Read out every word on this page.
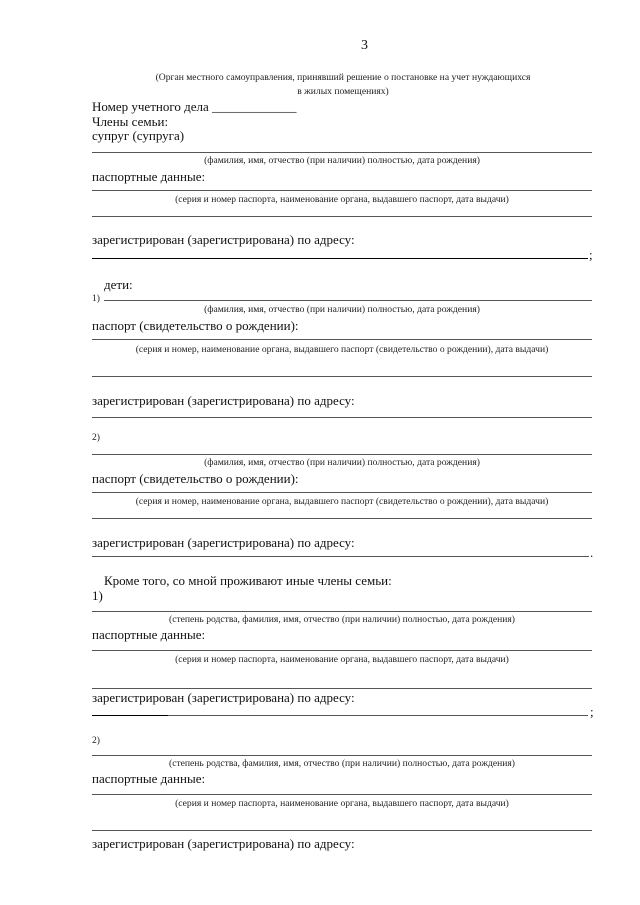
3
(Орган местного самоуправления, принявший решение о постановке на учет нуждающихся
в жилых помещениях)
Номер учетного дела _____________
Члены семьи:
супруг (супруга)
(фамилия, имя, отчество (при наличии) полностью, дата рождения)
паспортные данные:
(серия и номер паспорта, наименование органа, выдавшего паспорт, дата выдачи)
зарегистрирован (зарегистрирована) по адресу:
;
дети:
1)
(фамилия, имя, отчество (при наличии) полностью, дата рождения)
паспорт (свидетельство о рождении):
(серия и номер, наименование органа, выдавшего паспорт (свидетельство о рождении), дата выдачи)
зарегистрирован (зарегистрирована) по адресу:
2)
(фамилия, имя, отчество (при наличии) полностью, дата рождения)
паспорт (свидетельство о рождении):
(серия и номер, наименование органа, выдавшего паспорт (свидетельство о рождении), дата выдачи)
зарегистрирован (зарегистрирована) по адресу:
.
Кроме того, со мной проживают иные члены семьи:
1)
(степень родства, фамилия, имя, отчество (при наличии) полностью, дата рождения)
паспортные данные:
(серия и номер паспорта, наименование органа, выдавшего паспорт, дата выдачи)
зарегистрирован (зарегистрирована) по адресу:
;
2)
(степень родства, фамилия, имя, отчество (при наличии) полностью, дата рождения)
паспортные данные:
(серия и номер паспорта, наименование органа, выдавшего паспорт, дата выдачи)
зарегистрирован (зарегистрирована) по адресу:
